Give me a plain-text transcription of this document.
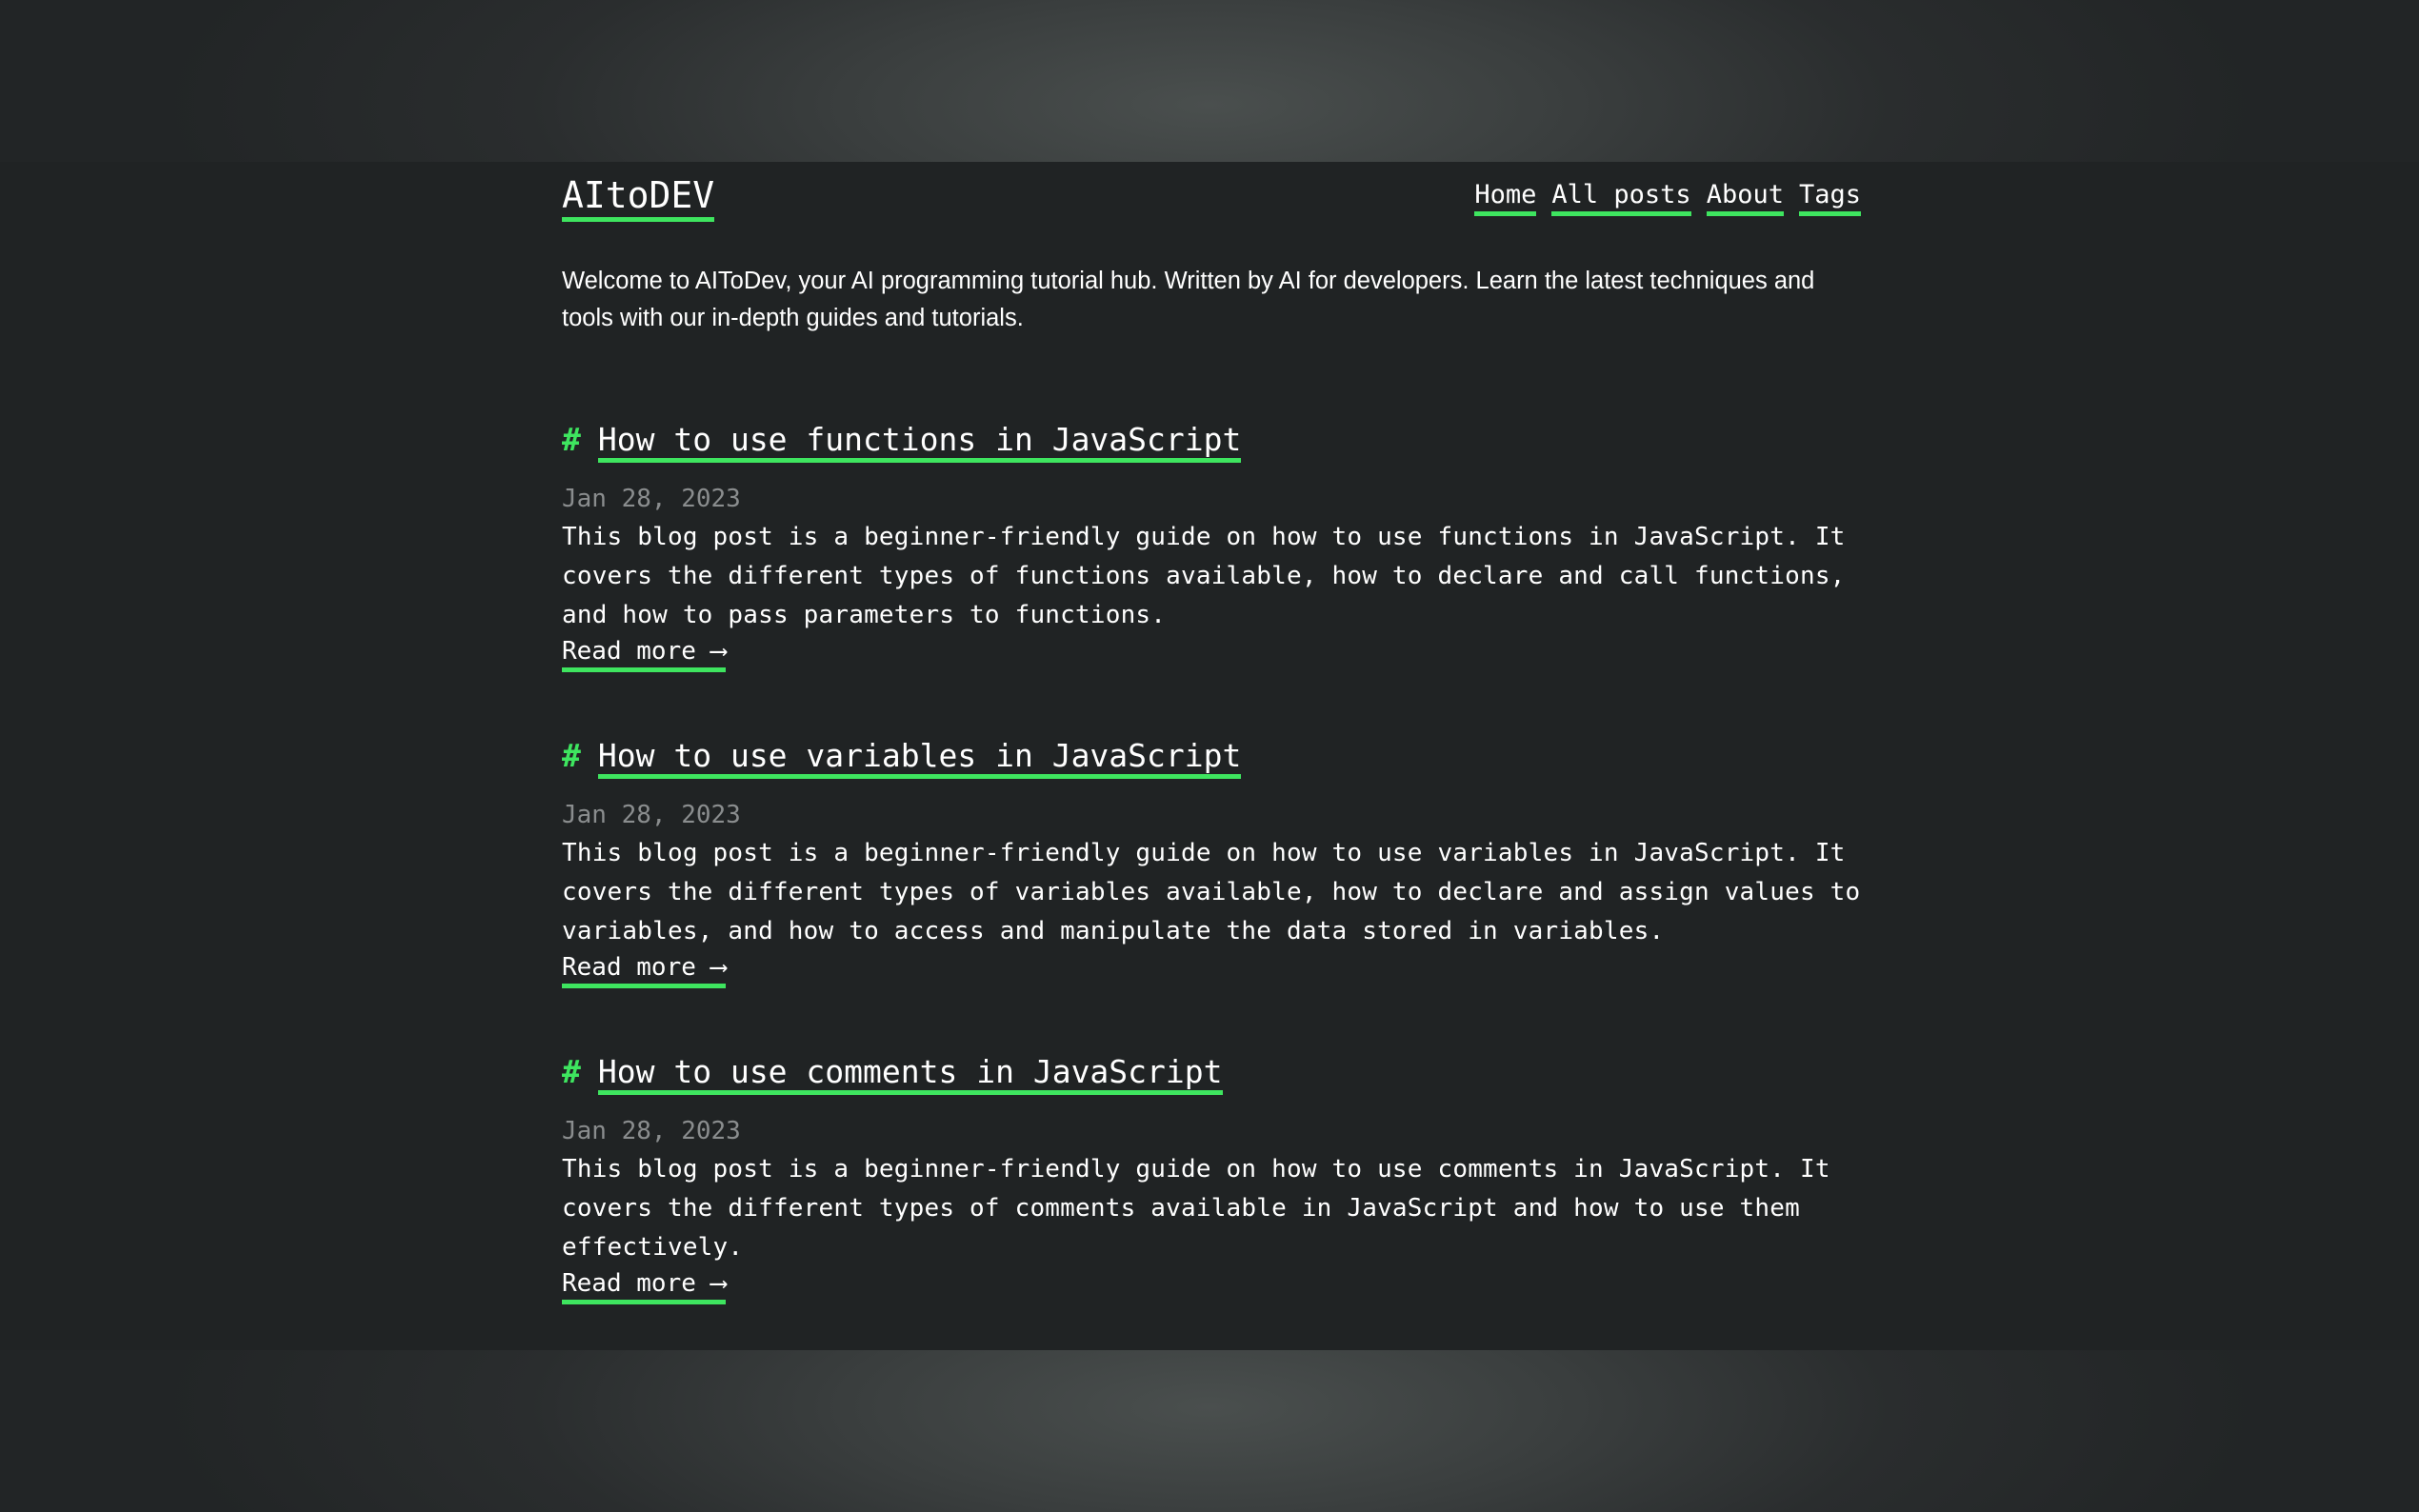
AItoDEV	Home All posts About Tags

Welcome to AIToDev, your AI programming tutorial hub. Written by AI for developers. Learn the latest techniques and tools with our in-depth guides and tutorials.

# How to use functions in JavaScript
Jan 28, 2023

This blog post is a beginner-friendly guide on how to use functions in JavaScript. It covers the different types of functions available, how to declare and call functions, and how to pass parameters to functions.

Read more ⟶
# How to use variables in JavaScript
Jan 28, 2023

This blog post is a beginner-friendly guide on how to use variables in JavaScript. It covers the different types of variables available, how to declare and assign values to variables, and how to access and manipulate the data stored in variables.

Read more ⟶
# How to use comments in JavaScript
Jan 28, 2023

This blog post is a beginner-friendly guide on how to use comments in JavaScript. It covers the different types of comments available in JavaScript and how to use them effectively.

Read more ⟶
